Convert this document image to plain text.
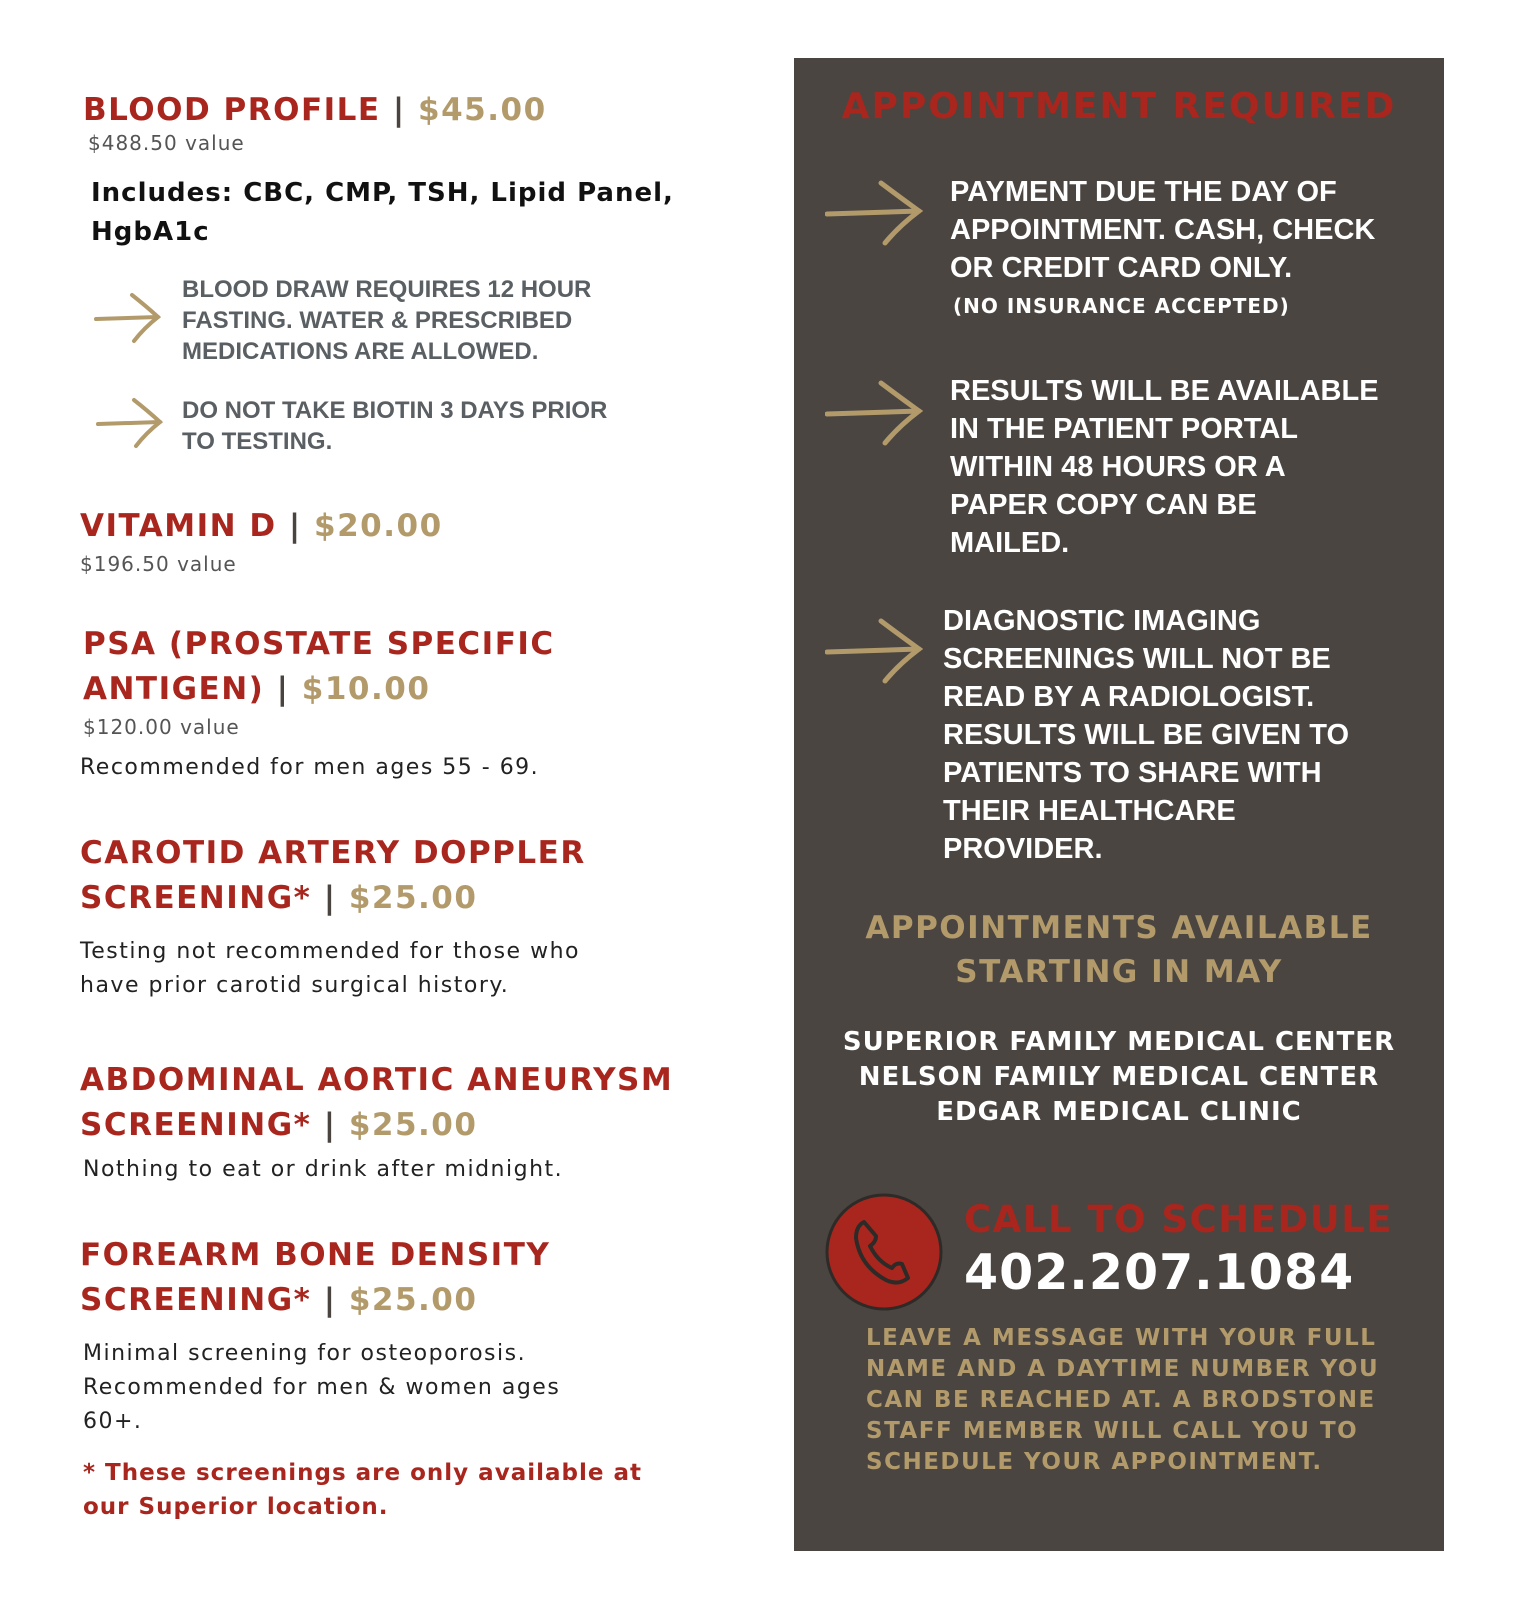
BLOOD PROFILE | $45.00
$488.50 value
Includes: CBC, CMP, TSH, Lipid Panel,
HgbA1c
BLOOD DRAW REQUIRES 12 HOUR
FASTING. WATER & PRESCRIBED
MEDICATIONS ARE ALLOWED.
DO NOT TAKE BIOTIN 3 DAYS PRIOR
TO TESTING.
VITAMIN D | $20.00
$196.50 value
PSA (PROSTATE SPECIFIC
ANTIGEN) | $10.00
$120.00 value
Recommended for men ages 55 - 69.
CAROTID ARTERY DOPPLER
SCREENING* | $25.00
Testing not recommended for those who
have prior carotid surgical history.
ABDOMINAL AORTIC ANEURYSM
SCREENING* | $25.00
Nothing to eat or drink after midnight.
FOREARM BONE DENSITY
SCREENING* | $25.00
Minimal screening for osteoporosis.
Recommended for men & women ages
60+.
* These screenings are only available at
our Superior location.
APPOINTMENT REQUIRED
PAYMENT DUE THE DAY OF
APPOINTMENT. CASH, CHECK
OR CREDIT CARD ONLY.
(NO INSURANCE ACCEPTED)
RESULTS WILL BE AVAILABLE
IN THE PATIENT PORTAL
WITHIN 48 HOURS OR A
PAPER COPY CAN BE
MAILED.
DIAGNOSTIC IMAGING
SCREENINGS WILL NOT BE
READ BY A RADIOLOGIST.
RESULTS WILL BE GIVEN TO
PATIENTS TO SHARE WITH
THEIR HEALTHCARE
PROVIDER.
APPOINTMENTS AVAILABLE
STARTING IN MAY
SUPERIOR FAMILY MEDICAL CENTER
NELSON FAMILY MEDICAL CENTER
EDGAR MEDICAL CLINIC
CALL TO SCHEDULE
402.207.1084
LEAVE A MESSAGE WITH YOUR FULL
NAME AND A DAYTIME NUMBER YOU
CAN BE REACHED AT. A BRODSTONE
STAFF MEMBER WILL CALL YOU TO
SCHEDULE YOUR APPOINTMENT.
